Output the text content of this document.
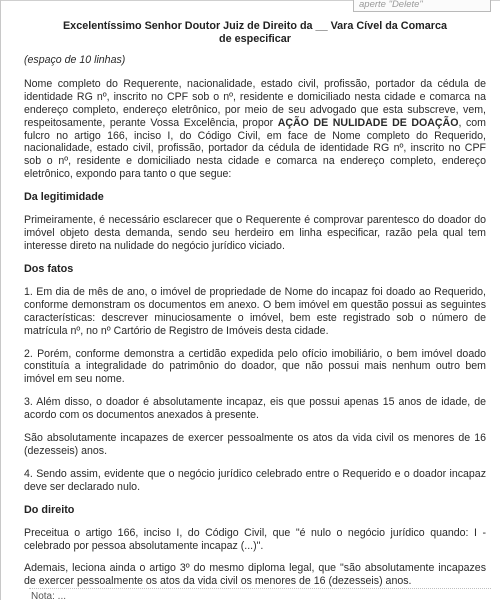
aperte "Delete"
Excelentíssimo Senhor Doutor Juiz de Direito da __ Vara Cível da Comarca
de especificar
(espaço de 10 linhas)

Nome completo do Requerente, nacionalidade, estado civil, profissão, portador da cédula de identidade RG nº, inscrito no CPF sob o nº, residente e domiciliado nesta cidade e comarca na endereço completo, endereço eletrônico, por meio de seu advogado que esta subscreve, vem, respeitosamente, perante Vossa Excelência, propor AÇÃO DE NULIDADE DE DOAÇÃO, com fulcro no artigo 166, inciso I, do Código Civil, em face de Nome completo do Requerido, nacionalidade, estado civil, profissão, portador da cédula de identidade RG nº, inscrito no CPF sob o nº, residente e domiciliado nesta cidade e comarca na endereço completo, endereço eletrônico, expondo para tanto o que segue:

Da legitimidade

Primeiramente, é necessário esclarecer que o Requerente é comprovar parentesco do doador do imóvel objeto desta demanda, sendo seu herdeiro em linha especificar, razão pela qual tem interesse direto na nulidade do negócio jurídico viciado.

Dos fatos

1. Em dia de mês de ano, o imóvel de propriedade de Nome do incapaz foi doado ao Requerido, conforme demonstram os documentos em anexo. O bem imóvel em questão possui as seguintes características: descrever minuciosamente o imóvel, bem este registrado sob o número de matrícula nº, no nº Cartório de Registro de Imóveis desta cidade.

2. Porém, conforme demonstra a certidão expedida pelo ofício imobiliário, o bem imóvel doado constituía a integralidade do patrimônio do doador, que não possui mais nenhum outro bem imóvel em seu nome.

3. Além disso, o doador é absolutamente incapaz, eis que possui apenas 15 anos de idade, de acordo com os documentos anexados à presente.

São absolutamente incapazes de exercer pessoalmente os atos da vida civil os menores de 16 (dezesseis) anos.

4. Sendo assim, evidente que o negócio jurídico celebrado entre o Requerido e o doador incapaz deve ser declarado nulo.

Do direito

Preceitua o artigo 166, inciso I, do Código Civil, que "é nulo o negócio jurídico quando: I - celebrado por pessoa absolutamente incapaz (...)".

Ademais, leciona ainda o artigo 3º do mesmo diploma legal, que "são absolutamente incapazes de exercer pessoalmente os atos da vida civil os menores de 16 (dezesseis) anos.

Nota: ...
